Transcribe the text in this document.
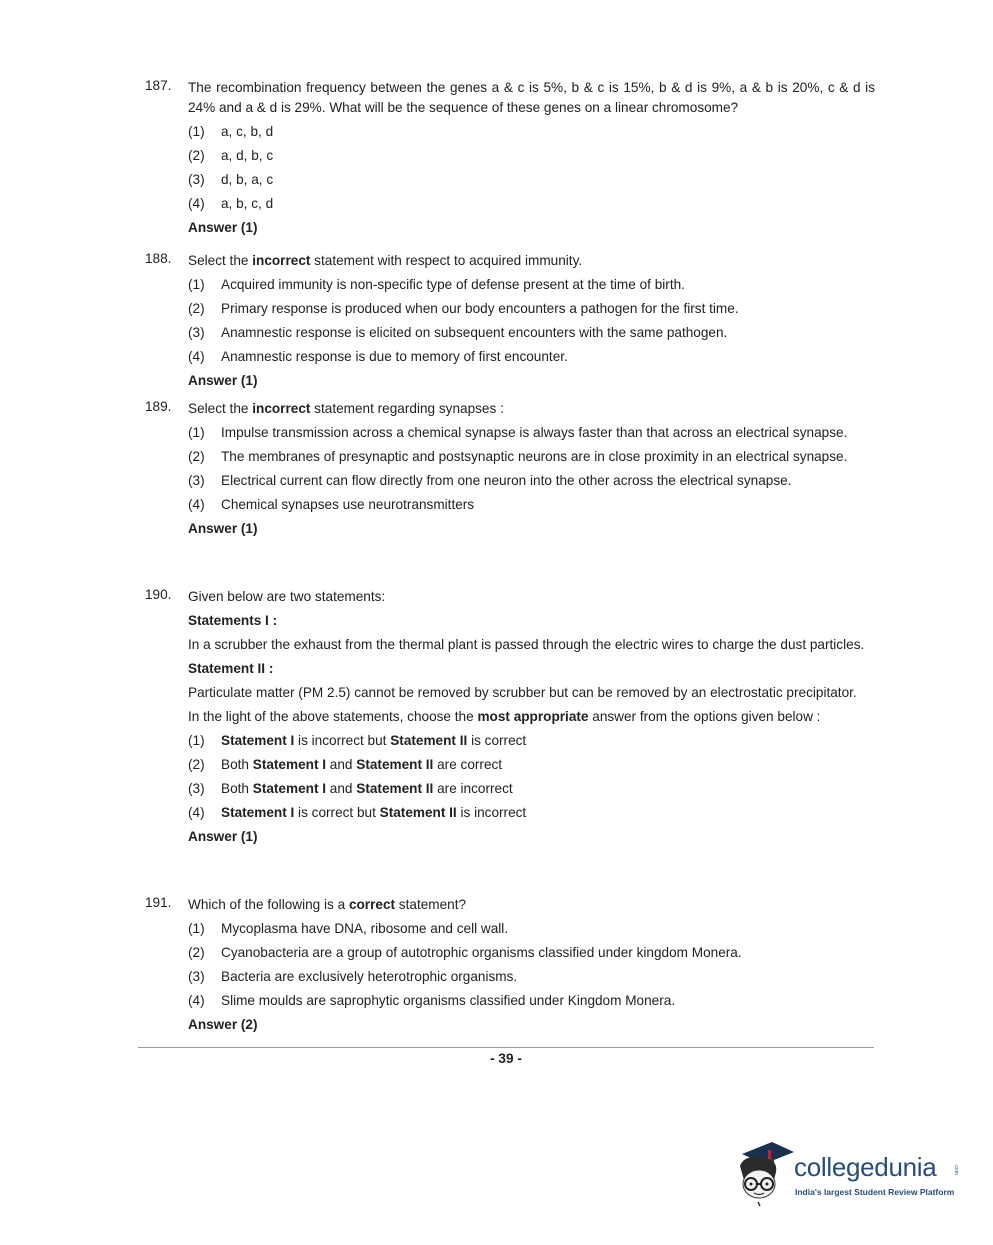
187.	The recombination frequency between the genes a & c is 5%, b & c is 15%, b & d is 9%, a & b is 20%, c & d is 24% and a & d is 29%. What will be the sequence of these genes on a linear chromosome?
(1)	a, c, b, d
(2)	a, d, b, c
(3)	d, b, a, c
(4)	a, b, c, d
Answer (1)
188.	Select the incorrect statement with respect to acquired immunity.
(1)	Acquired immunity is non-specific type of defense present at the time of birth.
(2)	Primary response is produced when our body encounters a pathogen for the first time.
(3)	Anamnestic response is elicited on subsequent encounters with the same pathogen.
(4)	Anamnestic response is due to memory of first encounter.
Answer (1)
189.	Select the incorrect statement regarding synapses :
(1)	Impulse transmission across a chemical synapse is always faster than that across an electrical synapse.
(2)	The membranes of presynaptic and postsynaptic neurons are in close proximity in an electrical synapse.
(3)	Electrical current can flow directly from one neuron into the other across the electrical synapse.
(4)	Chemical synapses use neurotransmitters
Answer (1)
190.	Given below are two statements:
Statements I :
In a scrubber the exhaust from the thermal plant is passed through the electric wires to charge the dust particles.
Statement II :
Particulate matter (PM 2.5) cannot be removed by scrubber but can be removed by an electrostatic precipitator.
In the light of the above statements, choose the most appropriate answer from the options given below :
(1)	Statement I is incorrect but Statement II is correct
(2)	Both Statement I and Statement II are correct
(3)	Both Statement I and Statement II are incorrect
(4)	Statement I is correct but Statement II is incorrect
Answer (1)
191.	Which of the following is a correct statement?
(1)	Mycoplasma have DNA, ribosome and cell wall.
(2)	Cyanobacteria are a group of autotrophic organisms classified under kingdom Monera.
(3)	Bacteria are exclusively heterotrophic organisms.
(4)	Slime moulds are saprophytic organisms classified under Kingdom Monera.
Answer (2)
- 39 -
collegedunia	.com
India's largest Student Review Platform
